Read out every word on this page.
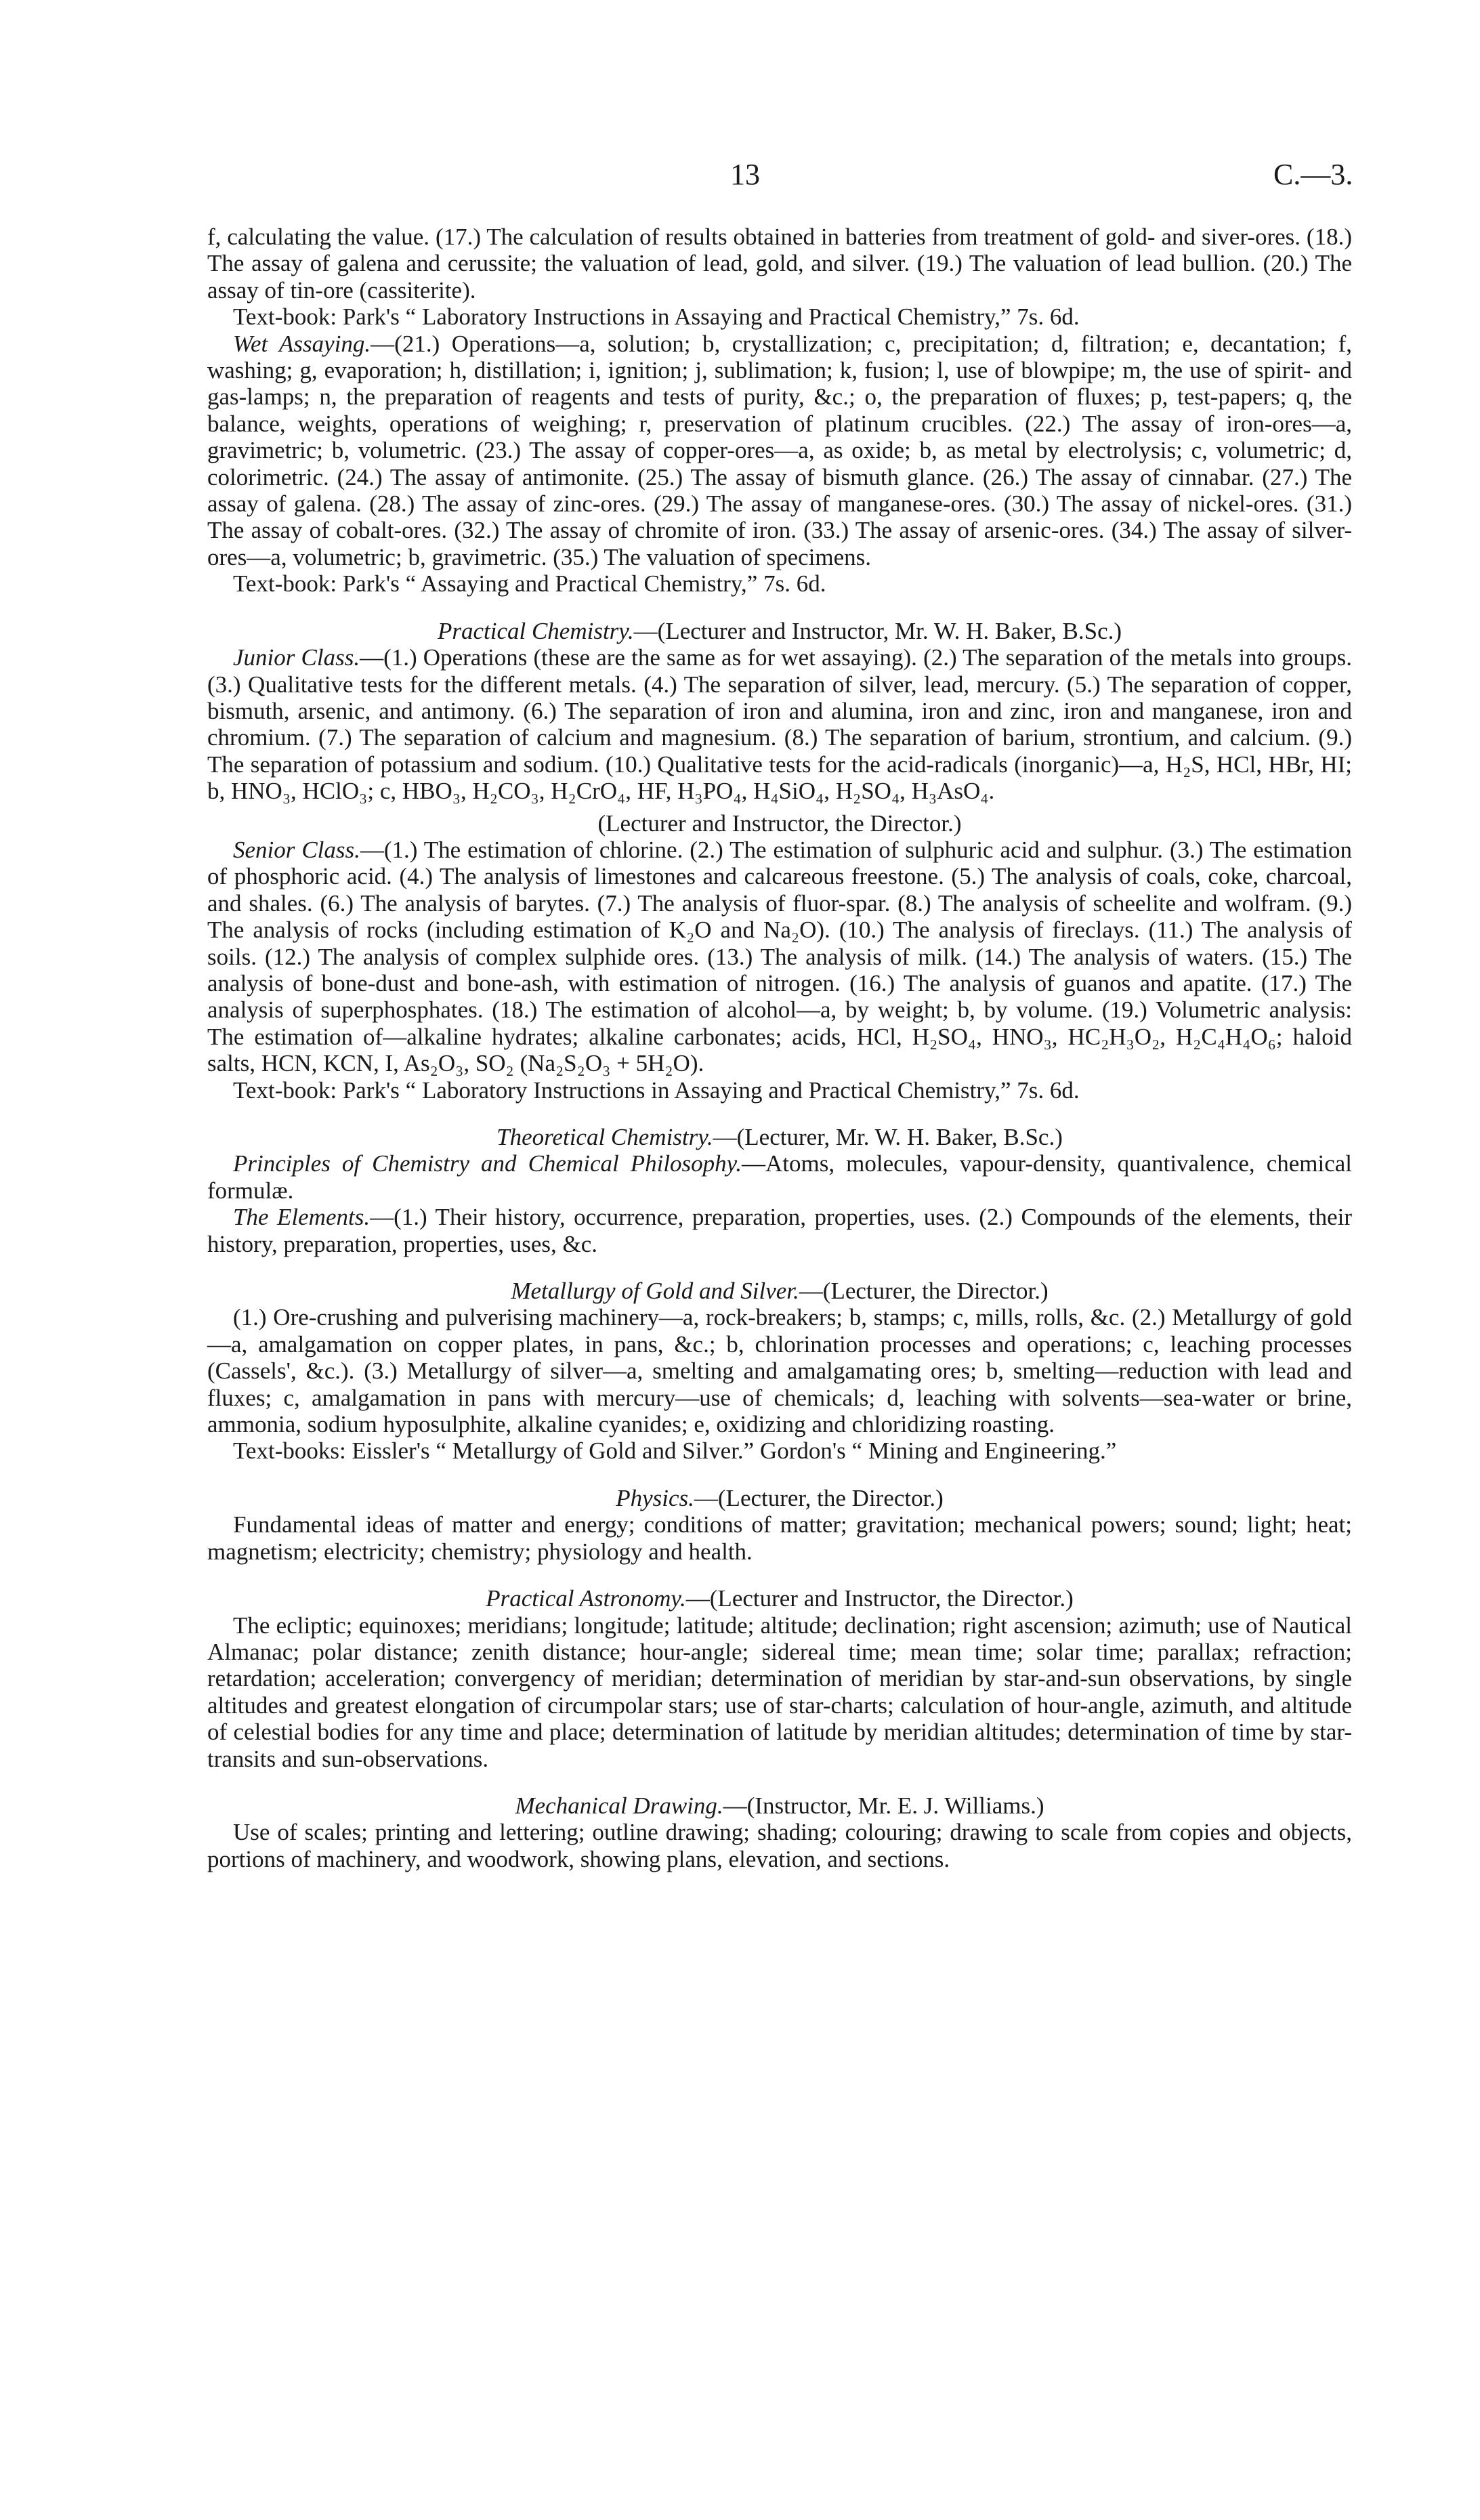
13	C.—3.

f, calculating the value. (17.) The calculation of results obtained in batteries from treatment of gold- and siver-ores. (18.) The assay of galena and cerussite; the valuation of lead, gold, and silver. (19.) The valuation of lead bullion. (20.) The assay of tin-ore (cassiterite).

Text-book: Park's “ Laboratory Instructions in Assaying and Practical Chemistry,” 7s. 6d.

Wet Assaying.—(21.) Operations—a, solution; b, crystallization; c, precipitation; d, filtration; e, decantation; f, washing; g, evaporation; h, distillation; i, ignition; j, sublimation; k, fusion; l, use of blowpipe; m, the use of spirit- and gas-lamps; n, the preparation of reagents and tests of purity, &c.; o, the preparation of fluxes; p, test-papers; q, the balance, weights, operations of weighing; r, preservation of platinum crucibles. (22.) The assay of iron-ores—a, gravimetric; b, volumetric. (23.) The assay of copper-ores—a, as oxide; b, as metal by electrolysis; c, volumetric; d, colorimetric. (24.) The assay of antimonite. (25.) The assay of bismuth glance. (26.) The assay of cinnabar. (27.) The assay of galena. (28.) The assay of zinc-ores. (29.) The assay of manganese-ores. (30.) The assay of nickel-ores. (31.) The assay of cobalt-ores. (32.) The assay of chromite of iron. (33.) The assay of arsenic-ores. (34.) The assay of silver-ores—a, volumetric; b, gravimetric. (35.) The valuation of specimens.

Text-book: Park's “ Assaying and Practical Chemistry,” 7s. 6d.

Practical Chemistry.—(Lecturer and Instructor, Mr. W. H. Baker, B.Sc.)

Junior Class.—(1.) Operations (these are the same as for wet assaying). (2.) The separation of the metals into groups. (3.) Qualitative tests for the different metals. (4.) The separation of silver, lead, mercury. (5.) The separation of copper, bismuth, arsenic, and antimony. (6.) The separation of iron and alumina, iron and zinc, iron and manganese, iron and chromium. (7.) The separation of calcium and magnesium. (8.) The separation of barium, strontium, and calcium. (9.) The separation of potassium and sodium. (10.) Qualitative tests for the acid-radicals (inorganic)—a, H₂S, HCl, HBr, HI; b, HNO₃, HClO₃; c, HBO₃, H₂CO₃, H₂CrO₄, HF, H₃PO₄, H₄SiO₄, H₂SO₄, H₃AsO₄.

(Lecturer and Instructor, the Director.)

Senior Class.—(1.) The estimation of chlorine. (2.) The estimation of sulphuric acid and sulphur. (3.) The estimation of phosphoric acid. (4.) The analysis of limestones and calcareous freestone. (5.) The analysis of coals, coke, charcoal, and shales. (6.) The analysis of barytes. (7.) The analysis of fluor-spar. (8.) The analysis of scheelite and wolfram. (9.) The analysis of rocks (including estimation of K₂O and Na₂O). (10.) The analysis of fireclays. (11.) The analysis of soils. (12.) The analysis of complex sulphide ores. (13.) The analysis of milk. (14.) The analysis of waters. (15.) The analysis of bone-dust and bone-ash, with estimation of nitrogen. (16.) The analysis of guanos and apatite. (17.) The analysis of superphosphates. (18.) The estimation of alcohol—a, by weight; b, by volume. (19.) Volumetric analysis: The estimation of—alkaline hydrates; alkaline carbonates; acids, HCl, H₂SO₄, HNO₃, HC₂H₃O₂, H₂C₄H₄O₆; haloid salts, HCN, KCN, I, As₂O₃, SO₂ (Na₂S₂O₃ + 5H₂O).

Text-book: Park's “ Laboratory Instructions in Assaying and Practical Chemistry,” 7s. 6d.

Theoretical Chemistry.—(Lecturer, Mr. W. H. Baker, B.Sc.)

Principles of Chemistry and Chemical Philosophy.—Atoms, molecules, vapour-density, quantivalence, chemical formulæ.

The Elements.—(1.) Their history, occurrence, preparation, properties, uses. (2.) Compounds of the elements, their history, preparation, properties, uses, &c.

Metallurgy of Gold and Silver.—(Lecturer, the Director.)

(1.) Ore-crushing and pulverising machinery—a, rock-breakers; b, stamps; c, mills, rolls, &c. (2.) Metallurgy of gold—a, amalgamation on copper plates, in pans, &c.; b, chlorination processes and operations; c, leaching processes (Cassels', &c.). (3.) Metallurgy of silver—a, smelting and amalgamating ores; b, smelting—reduction with lead and fluxes; c, amalgamation in pans with mercury—use of chemicals; d, leaching with solvents—sea-water or brine, ammonia, sodium hyposulphite, alkaline cyanides; e, oxidizing and chloridizing roasting.

Text-books: Eissler's “ Metallurgy of Gold and Silver.” Gordon's “ Mining and Engineering.”

Physics.—(Lecturer, the Director.)

Fundamental ideas of matter and energy; conditions of matter; gravitation; mechanical powers; sound; light; heat; magnetism; electricity; chemistry; physiology and health.

Practical Astronomy.—(Lecturer and Instructor, the Director.)

The ecliptic; equinoxes; meridians; longitude; latitude; altitude; declination; right ascension; azimuth; use of Nautical Almanac; polar distance; zenith distance; hour-angle; sidereal time; mean time; solar time; parallax; refraction; retardation; acceleration; convergency of meridian; determination of meridian by star-and-sun observations, by single altitudes and greatest elongation of circumpolar stars; use of star-charts; calculation of hour-angle, azimuth, and altitude of celestial bodies for any time and place; determination of latitude by meridian altitudes; determination of time by star-transits and sun-observations.

Mechanical Drawing.—(Instructor, Mr. E. J. Williams.)

Use of scales; printing and lettering; outline drawing; shading; colouring; drawing to scale from copies and objects, portions of machinery, and woodwork, showing plans, elevation, and sections.
